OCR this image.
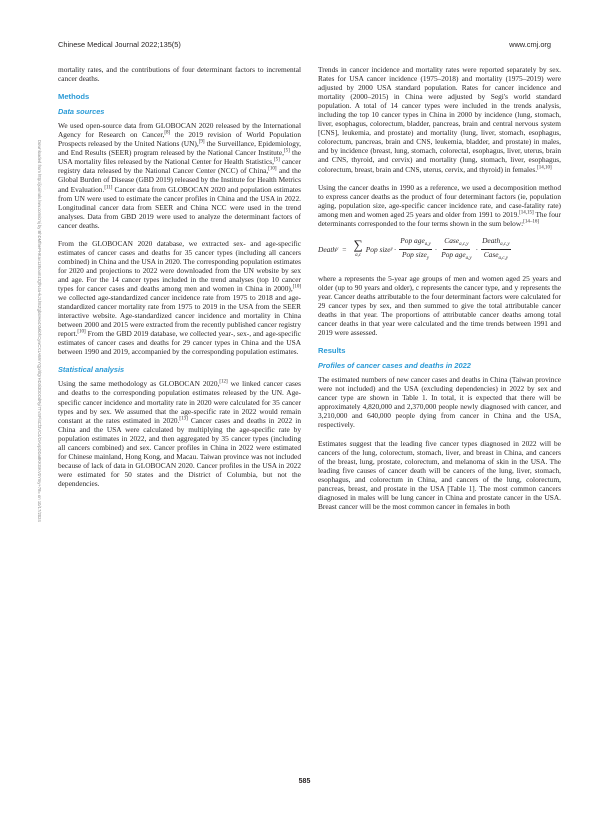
Chinese Medical Journal 2022;135(5)	www.cmj.org
Downloaded from http://journals.lww.com/cmj by BhDMf5ePHKav1zEoum1tQfN4a+kJLhEZgbsIHo4XMi0hCywCX1AWnYQp/IlQrHD3i3D0OdRyi7TvSFl4Cf3VC4/OAVpDDa8KKGKV0Ymy+78= on 10/17/2024

mortality rates, and the contributions of four determinant factors to incremental cancer deaths.

Methods
Data sources

We used open-source data from GLOBOCAN 2020 released by the International Agency for Research on Cancer,[8] the 2019 revision of World Population Prospects released by the United Nations (UN),[9] the Surveillance, Epidemiology, and End Results (SEER) program released by the National Cancer Institute,[5] the USA mortality files released by the National Center for Health Statistics,[5] cancer registry data released by the National Cancer Center (NCC) of China,[10] and the Global Burden of Disease (GBD 2019) released by the Institute for Health Metrics and Evaluation.[11] Cancer data from GLOBOCAN 2020 and population estimates from UN were used to estimate the cancer profiles in China and the USA in 2022. Longitudinal cancer data from SEER and China NCC were used in the trend analyses. Data from GBD 2019 were used to analyze the determinant factors of cancer deaths.

From the GLOBOCAN 2020 database, we extracted sex- and age-specific estimates of cancer cases and deaths for 35 cancer types (including all cancers combined) in China and the USA in 2020. The corresponding population estimates for 2020 and projections to 2022 were downloaded from the UN website by sex and age. For the 14 cancer types included in the trend analyses (top 10 cancer types for cancer cases and deaths among men and women in China in 2000),[10] we collected age-standardized cancer incidence rate from 1975 to 2018 and age-standardized cancer mortality rate from 1975 to 2019 in the USA from the SEER interactive website. Age-standardized cancer incidence and mortality in China between 2000 and 2015 were extracted from the recently published cancer registry report.[10] From the GBD 2019 database, we collected year-, sex-, and age-specific estimates of cancer cases and deaths for 29 cancer types in China and the USA between 1990 and 2019, accompanied by the corresponding population estimates.

Statistical analysis

Using the same methodology as GLOBOCAN 2020,[12] we linked cancer cases and deaths to the corresponding population estimates released by the UN. Age-specific cancer incidence and mortality rate in 2020 were calculated for 35 cancer types and by sex. We assumed that the age-specific rate in 2022 would remain constant at the rates estimated in 2020.[13] Cancer cases and deaths in 2022 in China and the USA were calculated by multiplying the age-specific rate by population estimates in 2022, and then aggregated by 35 cancer types (including all cancers combined) and sex. Cancer profiles in China in 2022 were estimated for Chinese mainland, Hong Kong, and Macau. Taiwan province was not included because of lack of data in GLOBOCAN 2020. Cancer profiles in the USA in 2022 were estimated for 50 states and the District of Columbia, but not the dependencies.

Trends in cancer incidence and mortality rates were reported separately by sex. Rates for USA cancer incidence (1975–2018) and mortality (1975–2019) were adjusted by 2000 USA standard population. Rates for cancer incidence and mortality (2000–2015) in China were adjusted by Segi's world standard population. A total of 14 cancer types were included in the trends analysis, including the top 10 cancer types in China in 2000 by incidence (lung, stomach, liver, esophagus, colorectum, bladder, pancreas, brain and central nervous system [CNS], leukemia, and prostate) and mortality (lung, liver, stomach, esophagus, colorectum, pancreas, brain and CNS, leukemia, bladder, and prostate) in males, and by incidence (breast, lung, stomach, colorectal, esophagus, liver, uterus, brain and CNS, thyroid, and cervix) and mortality (lung, stomach, liver, esophagus, colorectum, breast, brain and CNS, uterus, cervix, and thyroid) in females.[14,10]

Using the cancer deaths in 1990 as a reference, we used a decomposition method to express cancer deaths as the product of four determinant factors (ie, population aging, population size, age-specific cancer incidence rate, and case-fatality rate) among men and women aged 25 years and older from 1991 to 2019.[14,15] The four determinants corresponded to the four terms shown in the sum below:[14–16]

Death y = ∑
a,c
Pop size $y \cdot \frac{Pop age_{a,y}}{Pop size_y} \cdot \frac{Case_{a,c,y}}{Pop age_{a,y}} \cdot \frac{Death_{a,c,y}}{Case_{a,c,y}}$

where a represents the 5-year age groups of men and women aged 25 years and older (up to 90 years and older), c represents the cancer type, and y represents the year. Cancer deaths attributable to the four determinant factors were calculated for 29 cancer types by sex, and then summed to give the total attributable cancer deaths in that year. The proportions of attributable cancer deaths among total cancer deaths in that year were calculated and the time trends between 1991 and 2019 were assessed.

Results
Profiles of cancer cases and deaths in 2022

The estimated numbers of new cancer cases and deaths in China (Taiwan province were not included) and the USA (excluding dependencies) in 2022 by sex and cancer type are shown in Table 1. In total, it is expected that there will be approximately 4,820,000 and 2,370,000 people newly diagnosed with cancer, and 3,210,000 and 640,000 people dying from cancer in China and the USA, respectively.

Estimates suggest that the leading five cancer types diagnosed in 2022 will be cancers of the lung, colorectum, stomach, liver, and breast in China, and cancers of the breast, lung, prostate, colorectum, and melanoma of skin in the USA. The leading five causes of cancer death will be cancers of the lung, liver, stomach, esophagus, and colorectum in China, and cancers of the lung, colorectum, pancreas, breast, and prostate in the USA [Table 1]. The most common cancers diagnosed in males will be lung cancer in China and prostate cancer in the USA. Breast cancer will be the most common cancer in females in both

585
